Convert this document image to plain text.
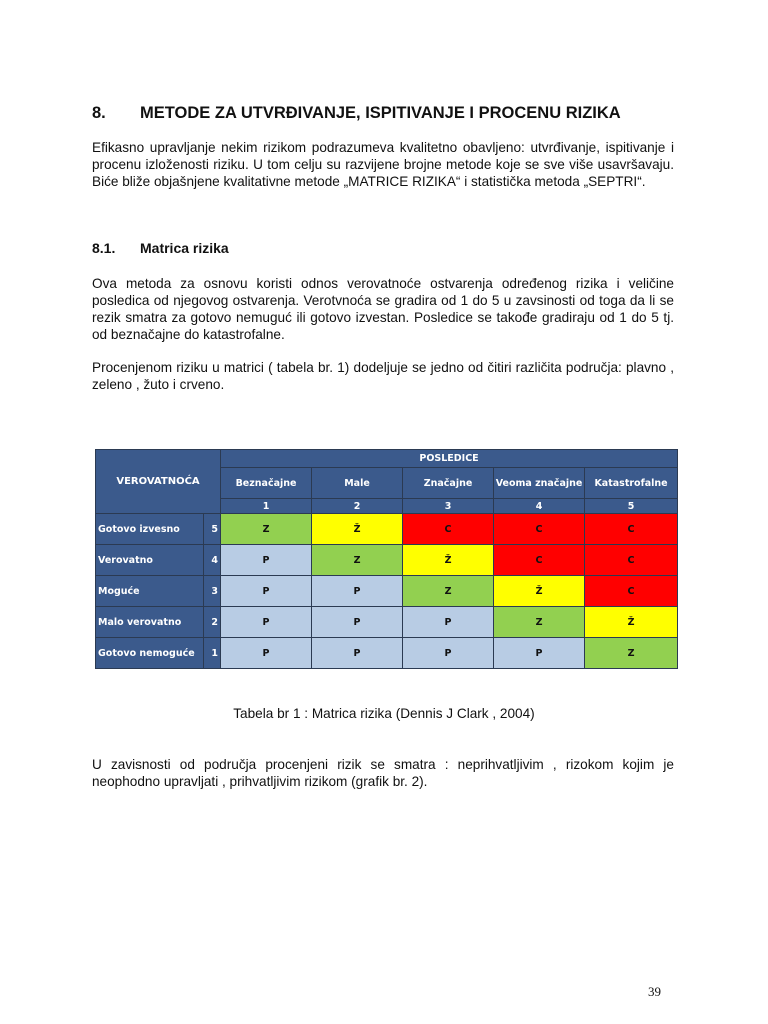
8.	METODE ZA UTVRĐIVANJE, ISPITIVANJE I PROCENU RIZIKA

Efikasno upravljanje nekim rizikom podrazumeva kvalitetno obavljeno: utvrđivanje, ispitivanje i procenu izloženosti riziku. U tom celju su razvijene brojne metode koje se sve više usavršavaju. Biće bliže objašnjene kvalitativne metode „MATRICE RIZIKA“ i statistička metoda „SEPTRI“.

8.1.	Matrica rizika

Ova metoda za osnovu koristi odnos verovatnoće ostvarenja određenog rizika i veličine posledica od njegovog ostvarenja. Verotvnoća se gradira od 1 do 5 u zavsinosti od toga da li se rezik smatra za gotovo nemuguć ili gotovo izvestan. Posledice se takođe gradiraju od 1 do 5 tj. od beznačajne do katastrofalne.

Procenjenom riziku u matrici ( tabela br. 1) dodeljuje se jedno od čitiri različita područja: plavno , zeleno , žuto i crveno.

VEROVATNOĆA		POSLEDICE				
		Beznačajne	Male	Značajne	Veoma značajne	Katastrofalne
		1	2	3	4	5
Gotovo izvesno	5	Z	Ž	C	C	C
Verovatno	4	P	Z	Ž	C	C
Moguće	3	P	P	Z	Ž	C
Malo verovatno	2	P	P	P	Z	Ž
Gotovo nemoguće	1	P	P	P	P	Z
Tabela br 1 : Matrica rizika (Dennis J Clark , 2004)

U zavisnosti od područja procenjeni rizik se smatra : neprihvatljivim , rizokom kojim je neophodno upravljati , prihvatljivim rizikom (grafik br. 2).

39
